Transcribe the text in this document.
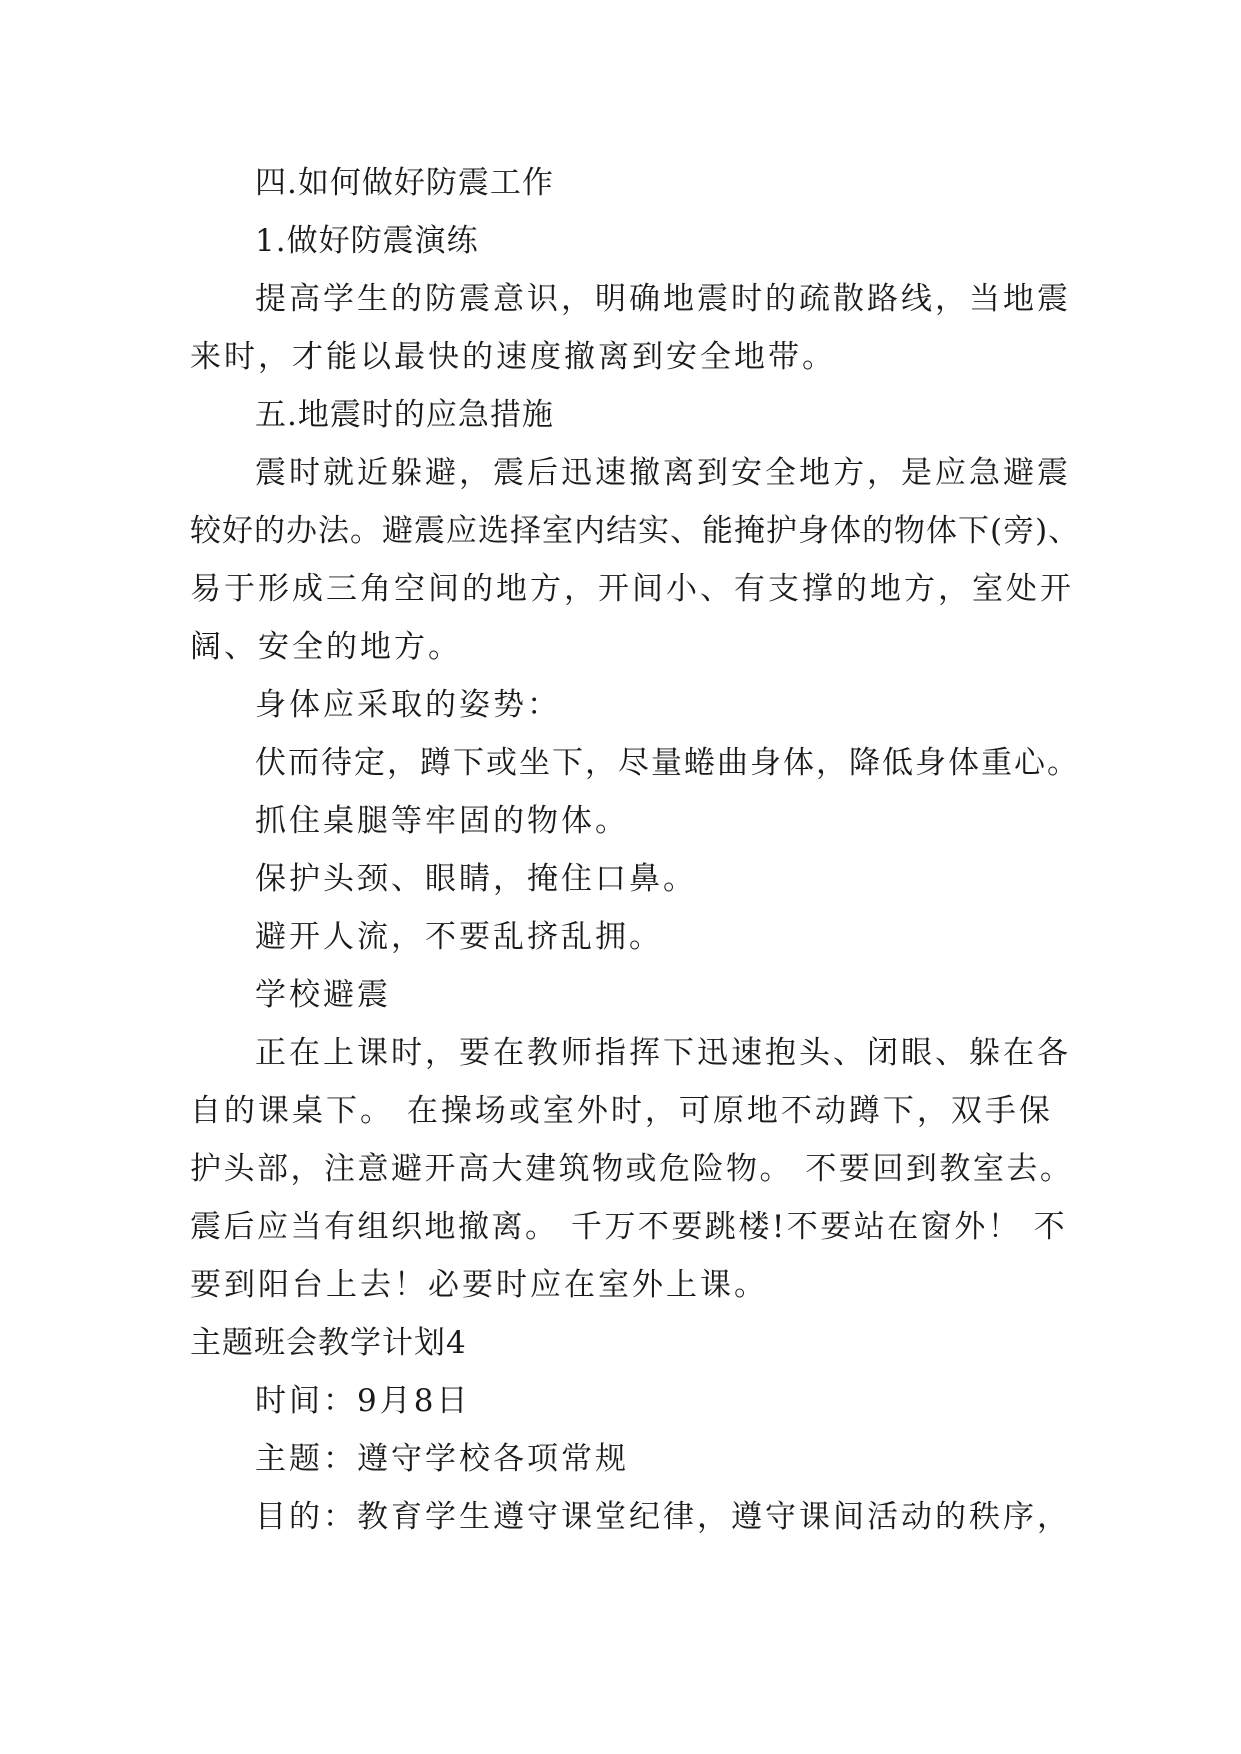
四.如何做好防震工作
1.做好防震演练
提高学生的防震意识，明确地震时的疏散路线，当地震
来时，才能以最快的速度撤离到安全地带。
五.地震时的应急措施
震时就近躲避，震后迅速撤离到安全地方，是应急避震
较好的办法。避震应选择室内结实、能掩护身体的物体下(旁)、
易于形成三角空间的地方，开间小、有支撑的地方，室处开
阔、安全的地方。
身体应采取的姿势：
伏而待定，蹲下或坐下，尽量蜷曲身体，降低身体重心。
抓住桌腿等牢固的物体。
保护头颈、眼睛，掩住口鼻。
避开人流，不要乱挤乱拥。
学校避震
正在上课时，要在教师指挥下迅速抱头、闭眼、躲在各
自的课桌下。 在操场或室外时，可原地不动蹲下，双手保
护头部，注意避开高大建筑物或危险物。 不要回到教室去。
震后应当有组织地撤离。 千万不要跳楼!不要站在窗外！ 不
要到阳台上去！必要时应在室外上课。
主题班会教学计划4
时间：9月8日
主题：遵守学校各项常规
目的：教育学生遵守课堂纪律，遵守课间活动的秩序，
